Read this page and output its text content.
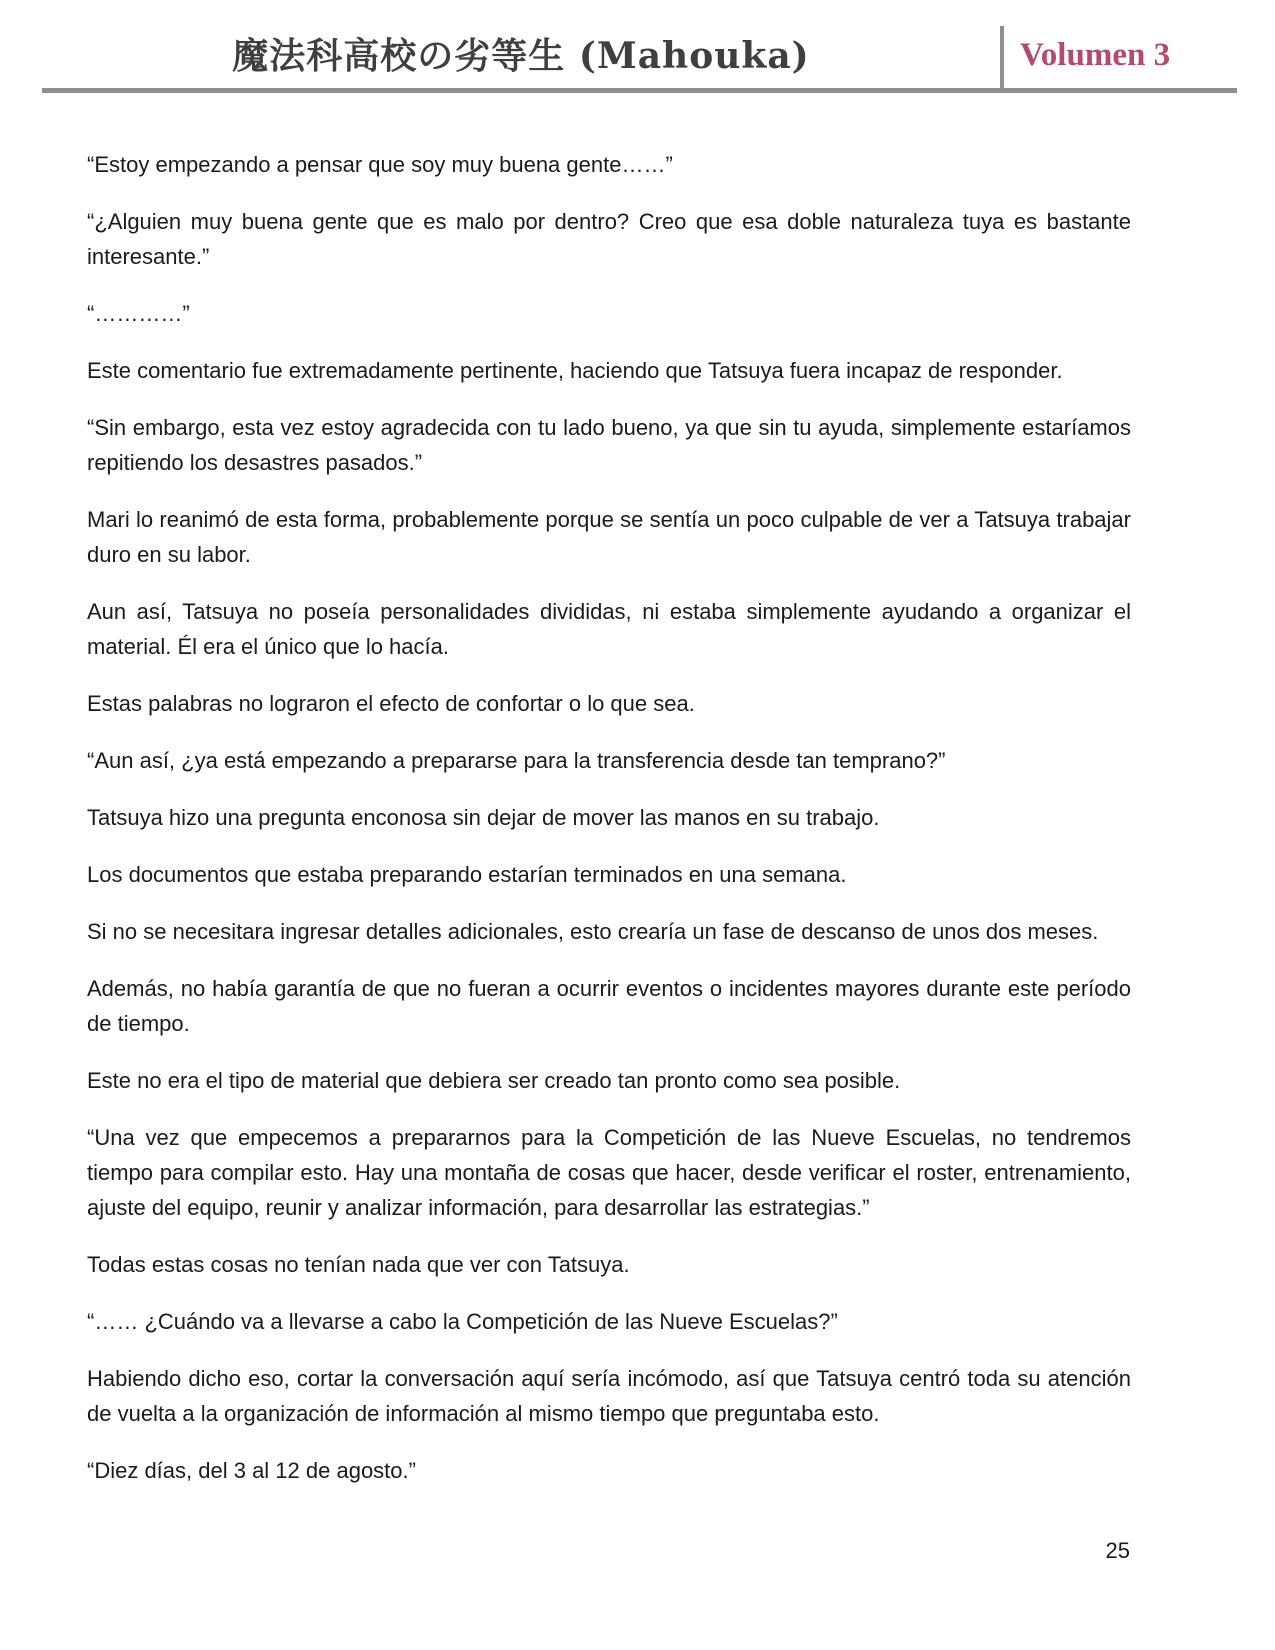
魔法科高校の劣等生 (Mahouka)	Volumen 3

“Estoy empezando a pensar que soy muy buena gente……”

“¿Alguien muy buena gente que es malo por dentro? Creo que esa doble naturaleza tuya es bastante interesante.”

“…………”

Este comentario fue extremadamente pertinente, haciendo que Tatsuya fuera incapaz de responder.

“Sin embargo, esta vez estoy agradecida con tu lado bueno, ya que sin tu ayuda, simplemente estaríamos repitiendo los desastres pasados.”

Mari lo reanimó de esta forma, probablemente porque se sentía un poco culpable de ver a Tatsuya trabajar duro en su labor.

Aun así, Tatsuya no poseía personalidades divididas, ni estaba simplemente ayudando a organizar el material. Él era el único que lo hacía.

Estas palabras no lograron el efecto de confortar o lo que sea.

“Aun así, ¿ya está empezando a prepararse para la transferencia desde tan temprano?”

Tatsuya hizo una pregunta enconosa sin dejar de mover las manos en su trabajo.

Los documentos que estaba preparando estarían terminados en una semana.

Si no se necesitara ingresar detalles adicionales, esto crearía un fase de descanso de unos dos meses.

Además, no había garantía de que no fueran a ocurrir eventos o incidentes mayores durante este período de tiempo.

Este no era el tipo de material que debiera ser creado tan pronto como sea posible.

“Una vez que empecemos a prepararnos para la Competición de las Nueve Escuelas, no tendremos tiempo para compilar esto. Hay una montaña de cosas que hacer, desde verificar el roster, entrenamiento, ajuste del equipo, reunir y analizar información, para desarrollar las estrategias.”

Todas estas cosas no tenían nada que ver con Tatsuya.

“…… ¿Cuándo va a llevarse a cabo la Competición de las Nueve Escuelas?”

Habiendo dicho eso, cortar la conversación aquí sería incómodo, así que Tatsuya centró toda su atención de vuelta a la organización de información al mismo tiempo que preguntaba esto.

“Diez días, del 3 al 12 de agosto.”

25
